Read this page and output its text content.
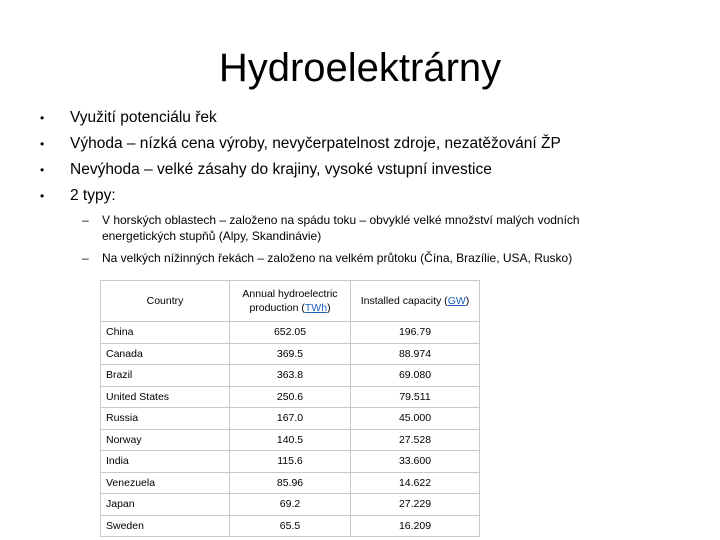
Hydroelektrárny
• Využití potenciálu řek
• Výhoda – nízká cena výroby, nevyčerpatelnost zdroje, nezatěžování ŽP
• Nevýhoda – velké zásahy do krajiny, vysoké vstupní investice
• 2 typy:
– V horských oblastech – založeno na spádu toku – obvyklé velké množství malých vodních energetických stupňů (Alpy, Skandinávie)
– Na velkých nížinných řekách – založeno na velkém průtoku (Čína, Brazílie, USA, Rusko)
Country	Annual hydroelectric production (TWh)	Installed capacity (GW)
China	652.05	196.79
Canada	369.5	88.974
Brazil	363.8	69.080
United States	250.6	79.511
Russia	167.0	45.000
Norway	140.5	27.528
India	115.6	33.600
Venezuela	85.96	14.622
Japan	69.2	27.229
Sweden	65.5	16.209
